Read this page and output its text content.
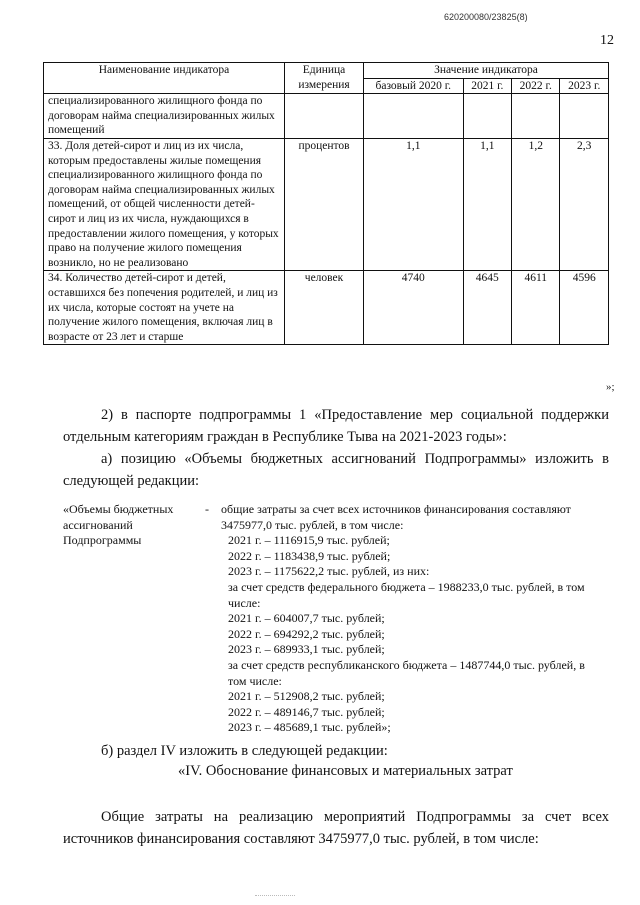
620200080/23825(8)
12
Наименование индикатора	Единица измерения	Значение индикатора			
		базовый 2020 г.	2021 г.	2022 г.	2023 г.
специализированного жилищного фонда по договорам найма специализированных жилых помещений					
33. Доля детей-сирот и лиц из их числа, которым предоставлены жилые помещения специализированного жилищного фонда по договорам найма специализированных жилых помещений, от общей численности детей-сирот и лиц из их числа, нуждающихся в предоставлении жилого помещения, у которых право на получение жилого помещения возникло, но не реализовано	процентов	1,1	1,1	1,2	2,3
34. Количество детей-сирот и детей, оставшихся без попечения родителей, и лиц из их числа, которые состоят на учете на получение жилого помещения, включая лиц в возрасте от 23 лет и старше	человек	4740	4645	4611	4596
»;
2) в паспорте подпрограммы 1 «Предоставление мер социальной поддержки отдельным категориям граждан в Республике Тыва на 2021-2023 годы»:
а) позицию «Объемы бюджетных ассигнований Подпрограммы» изложить в следующей редакции:
«Объемы бюджетных ассигнований Подпрограммы
- общие затраты за счет всех источников финансирования составляют
3475977,0 тыс. рублей, в том числе:
2021 г. – 1116915,9 тыс. рублей;
2022 г. – 1183438,9 тыс. рублей;
2023 г. – 1175622,2 тыс. рублей, из них:
за счет средств федерального бюджета – 1988233,0 тыс. рублей, в том числе:
2021 г. – 604007,7 тыс. рублей;
2022 г. – 694292,2 тыс. рублей;
2023 г. – 689933,1 тыс. рублей;
за счет средств республиканского бюджета – 1487744,0 тыс. рублей, в том числе:
2021 г. – 512908,2 тыс. рублей;
2022 г. – 489146,7 тыс. рублей;
2023 г. – 485689,1 тыс. рублей»;
б) раздел IV изложить в следующей редакции:
«IV. Обоснование финансовых и материальных затрат
Общие затраты на реализацию мероприятий Подпрограммы за счет всех источников финансирования составляют 3475977,0 тыс. рублей, в том числе:
